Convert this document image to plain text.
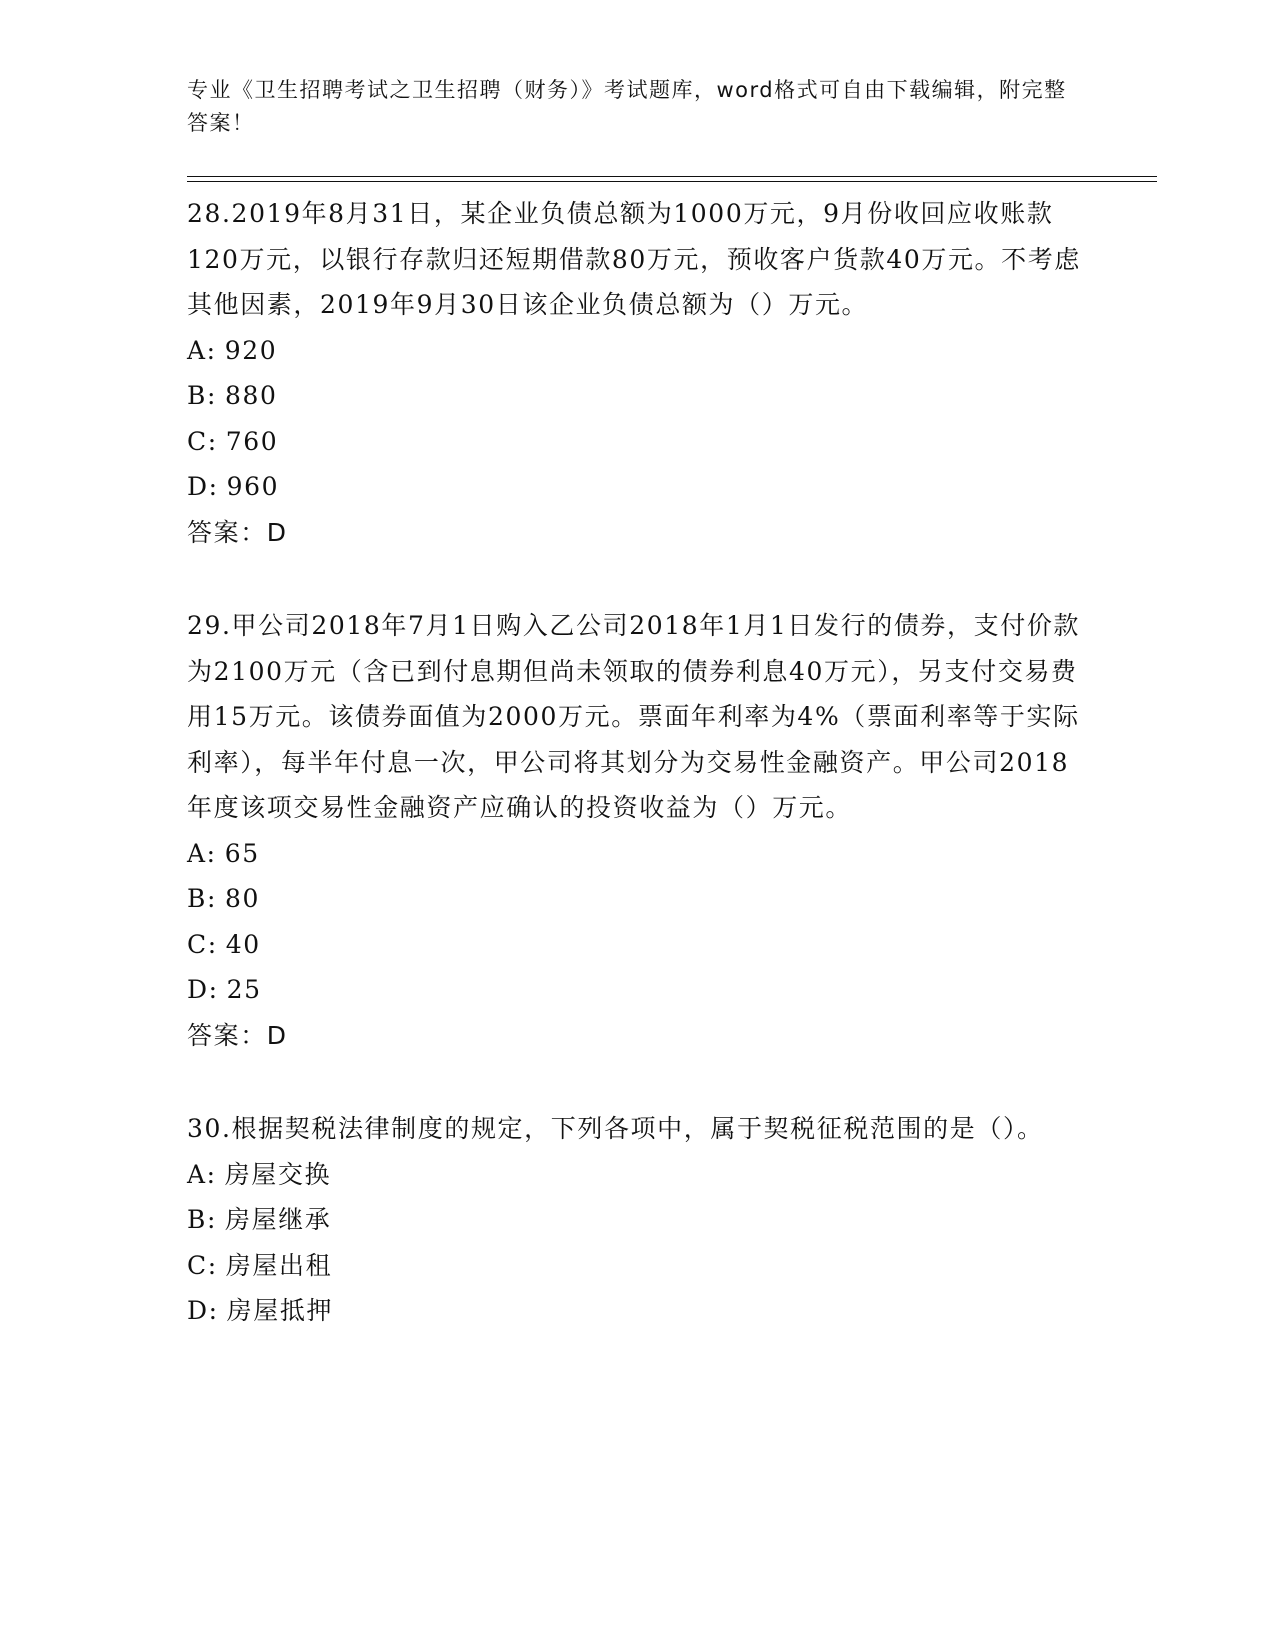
专业《卫生招聘考试之卫生招聘（财务）》考试题库，word格式可自由下载编辑，附完整答案！

28.2019年8月31日，某企业负债总额为1000万元，9月份收回应收账款120万元，以银行存款归还短期借款80万元，预收客户货款40万元。不考虑其他因素，2019年9月30日该企业负债总额为（）万元。

A: 920

B: 880

C: 760

D: 960

答案：D

29.甲公司2018年7月1日购入乙公司2018年1月1日发行的债券，支付价款为2100万元（含已到付息期但尚未领取的债券利息40万元），另支付交易费用15万元。该债券面值为2000万元。票面年利率为4%（票面利率等于实际利率），每半年付息一次，甲公司将其划分为交易性金融资产。甲公司2018年度该项交易性金融资产应确认的投资收益为（）万元。

A: 65

B: 80

C: 40

D: 25

答案：D

30.根据契税法律制度的规定，下列各项中，属于契税征税范围的是（）。

A: 房屋交换

B: 房屋继承

C: 房屋出租

D: 房屋抵押
